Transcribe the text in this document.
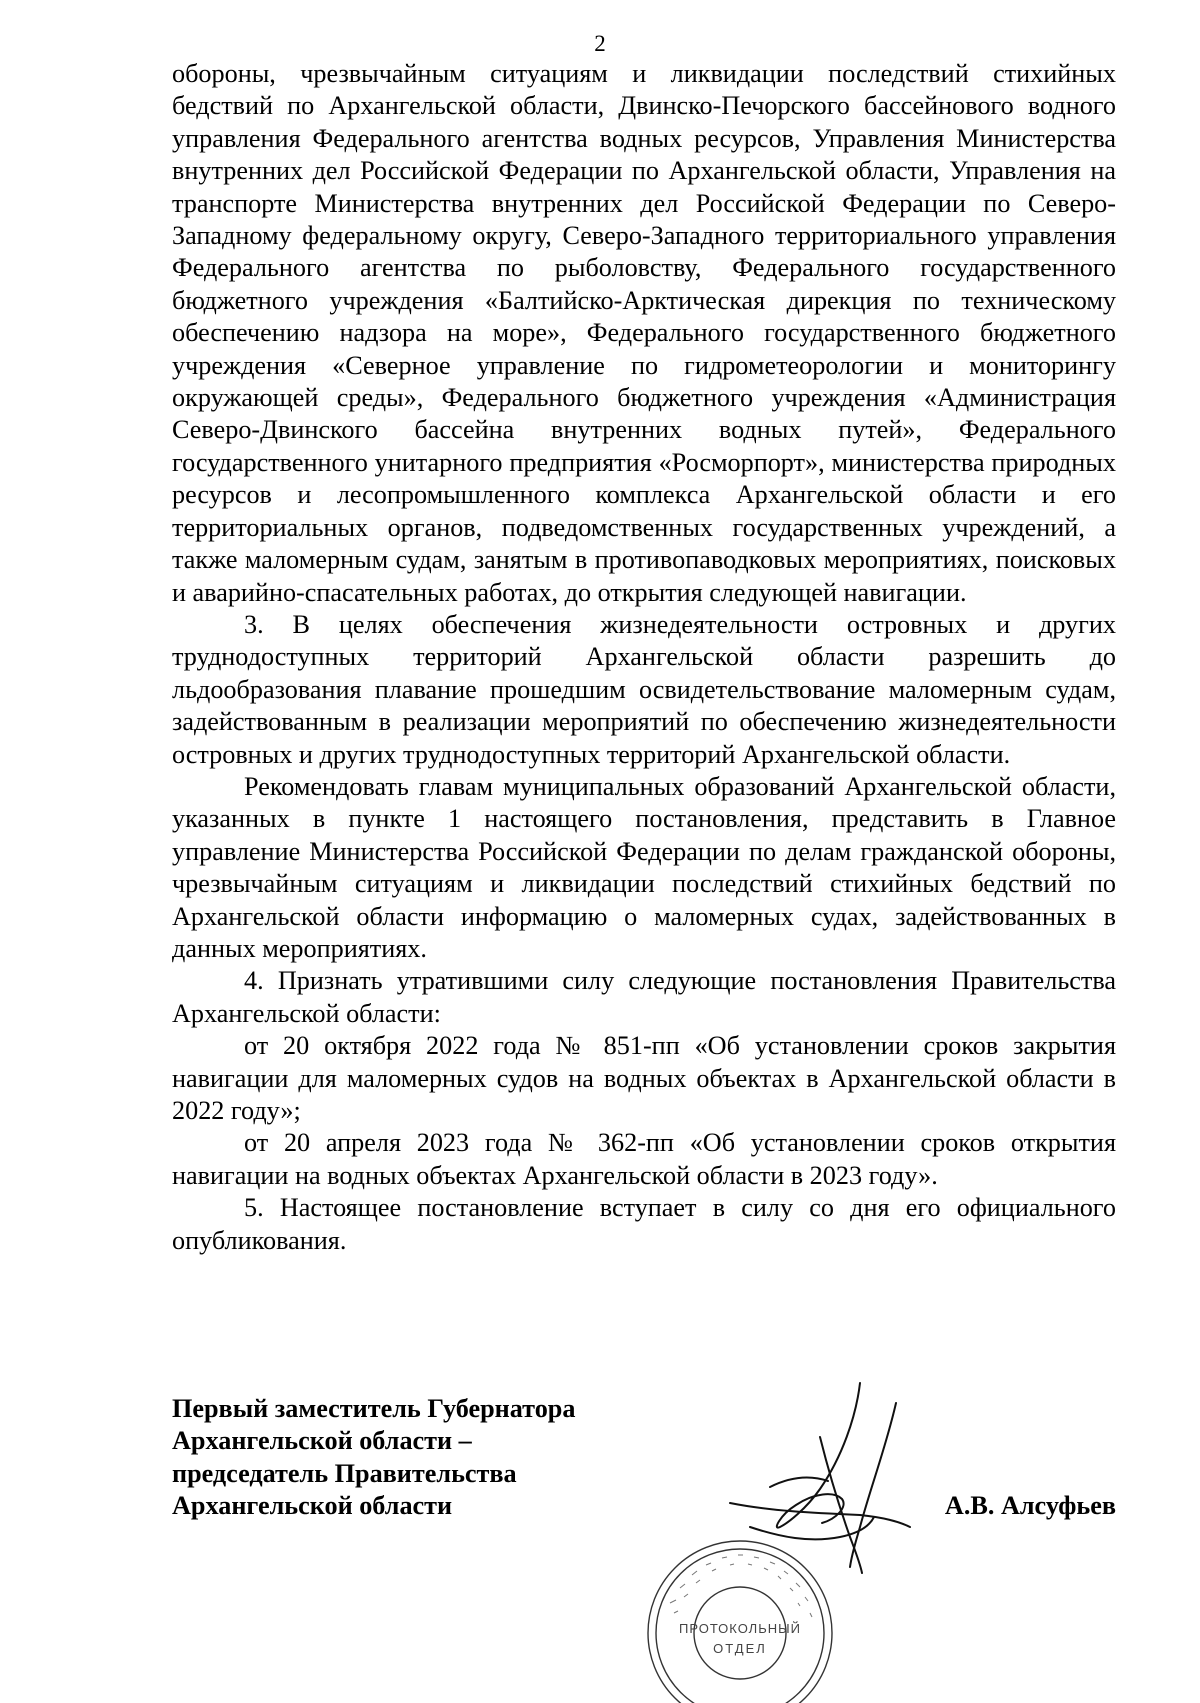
2

обороны, чрезвычайным ситуациям и ликвидации последствий стихийных бедствий по Архангельской области, Двинско-Печорского бассейнового водного управления Федерального агентства водных ресурсов, Управления Министерства внутренних дел Российской Федерации по Архангельской области, Управления на транспорте Министерства внутренних дел Российской Федерации по Северо-Западному федеральному округу, Северо-Западного территориального управления Федерального агентства по рыболовству, Федерального государственного бюджетного учреждения «Балтийско-Арктическая дирекция по техническому обеспечению надзора на море», Федерального государственного бюджетного учреждения «Северное управление по гидрометеорологии и мониторингу окружающей среды», Федерального бюджетного учреждения «Администрация Северо-Двинского бассейна внутренних водных путей», Федерального государственного унитарного предприятия «Росморпорт», министерства природных ресурсов и лесопромышленного комплекса Архангельской области и его территориальных органов, подведомственных государственных учреждений, а также маломерным судам, занятым в противопаводковых мероприятиях, поисковых и аварийно-спасательных работах, до открытия следующей навигации.

3. В целях обеспечения жизнедеятельности островных и других труднодоступных территорий Архангельской области разрешить до льдообразования плавание прошедшим освидетельствование маломерным судам, задействованным в реализации мероприятий по обеспечению жизнедеятельности островных и других труднодоступных территорий Архангельской области.

Рекомендовать главам муниципальных образований Архангельской области, указанных в пункте 1 настоящего постановления, представить в Главное управление Министерства Российской Федерации по делам гражданской обороны, чрезвычайным ситуациям и ликвидации последствий стихийных бедствий по Архангельской области информацию о маломерных судах, задействованных в данных мероприятиях.

4. Признать утратившими силу следующие постановления Правительства Архангельской области:

от 20 октября 2022 года № 851-пп «Об установлении сроков закрытия навигации для маломерных судов на водных объектах в Архангельской области в 2022 году»;

от 20 апреля 2023 года № 362-пп «Об установлении сроков открытия навигации на водных объектах Архангельской области в 2023 году».

5. Настоящее постановление вступает в силу со дня его официального опубликования.

Первый заместитель Губернатора
Архангельской области –
председатель Правительства
Архангельской области	А.В. Алсуфьев
ПРОТОКОЛЬНЫЙ
ОТДЕЛ
